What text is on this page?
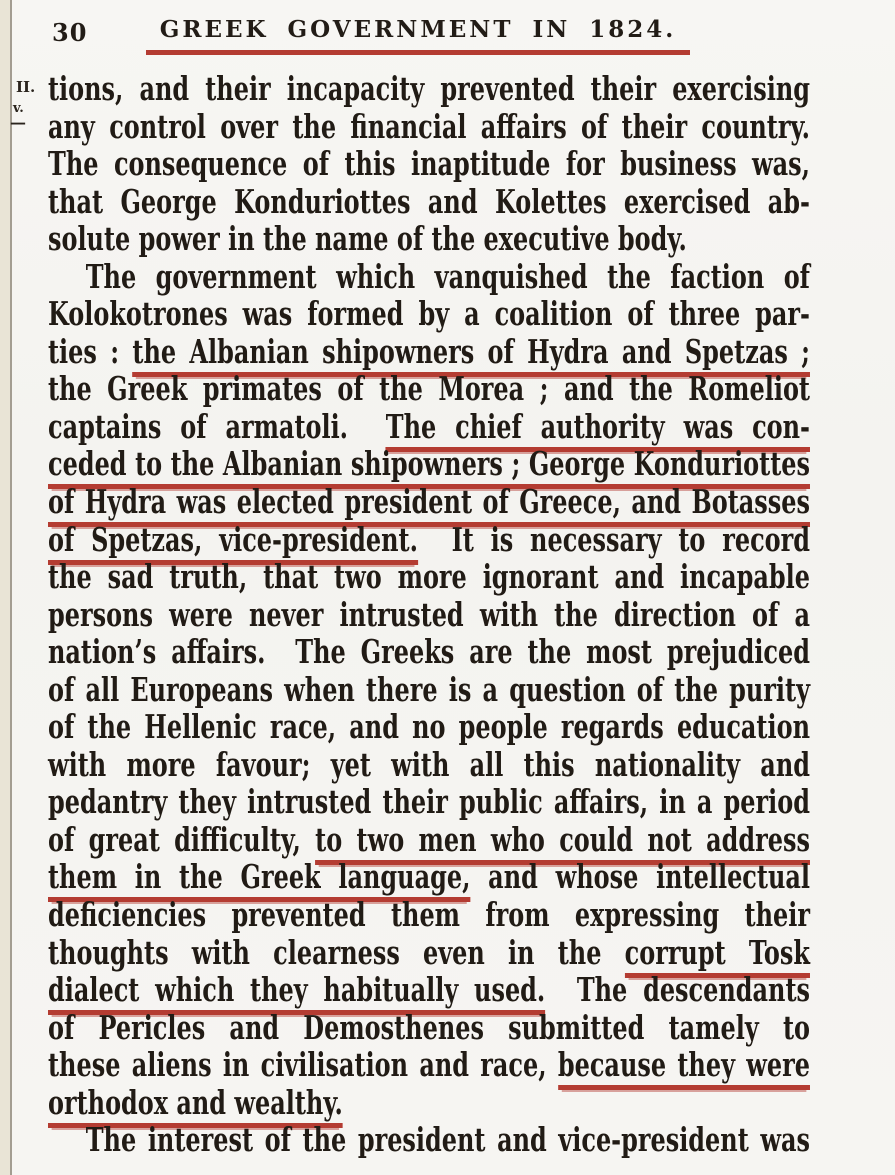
30	GREEK GOVERNMENT IN 1824.
II.
v.
—
tions, and their incapacity prevented their exercising
any control over the financial affairs of their country.
The consequence of this inaptitude for business was,
that George Konduriottes and Kolettes exercised ab-
solute power in the name of the executive body.
The government which vanquished the faction of
Kolokotrones was formed by a coalition of three par-
ties : the Albanian shipowners of Hydra and Spetzas ;
the Greek primates of the Morea ; and the Romeliot
captains of armatoli.  The chief authority was con-
ceded to the Albanian shipowners ; George Konduriottes
of Hydra was elected president of Greece, and Botasses
of Spetzas, vice-president.  It is necessary to record
the sad truth, that two more ignorant and incapable
persons were never intrusted with the direction of a
nation’s affairs.  The Greeks are the most prejudiced
of all Europeans when there is a question of the purity
of the Hellenic race, and no people regards education
with more favour; yet with all this nationality and
pedantry they intrusted their public affairs, in a period
of great difficulty, to two men who could not address
them in the Greek language, and whose intellectual
deficiencies prevented them from expressing their
thoughts with clearness even in the corrupt Tosk
dialect which they habitually used.  The descendants
of Pericles and Demosthenes submitted tamely to
these aliens in civilisation and race, because they were
orthodox and wealthy.
The interest of the president and vice-president was
